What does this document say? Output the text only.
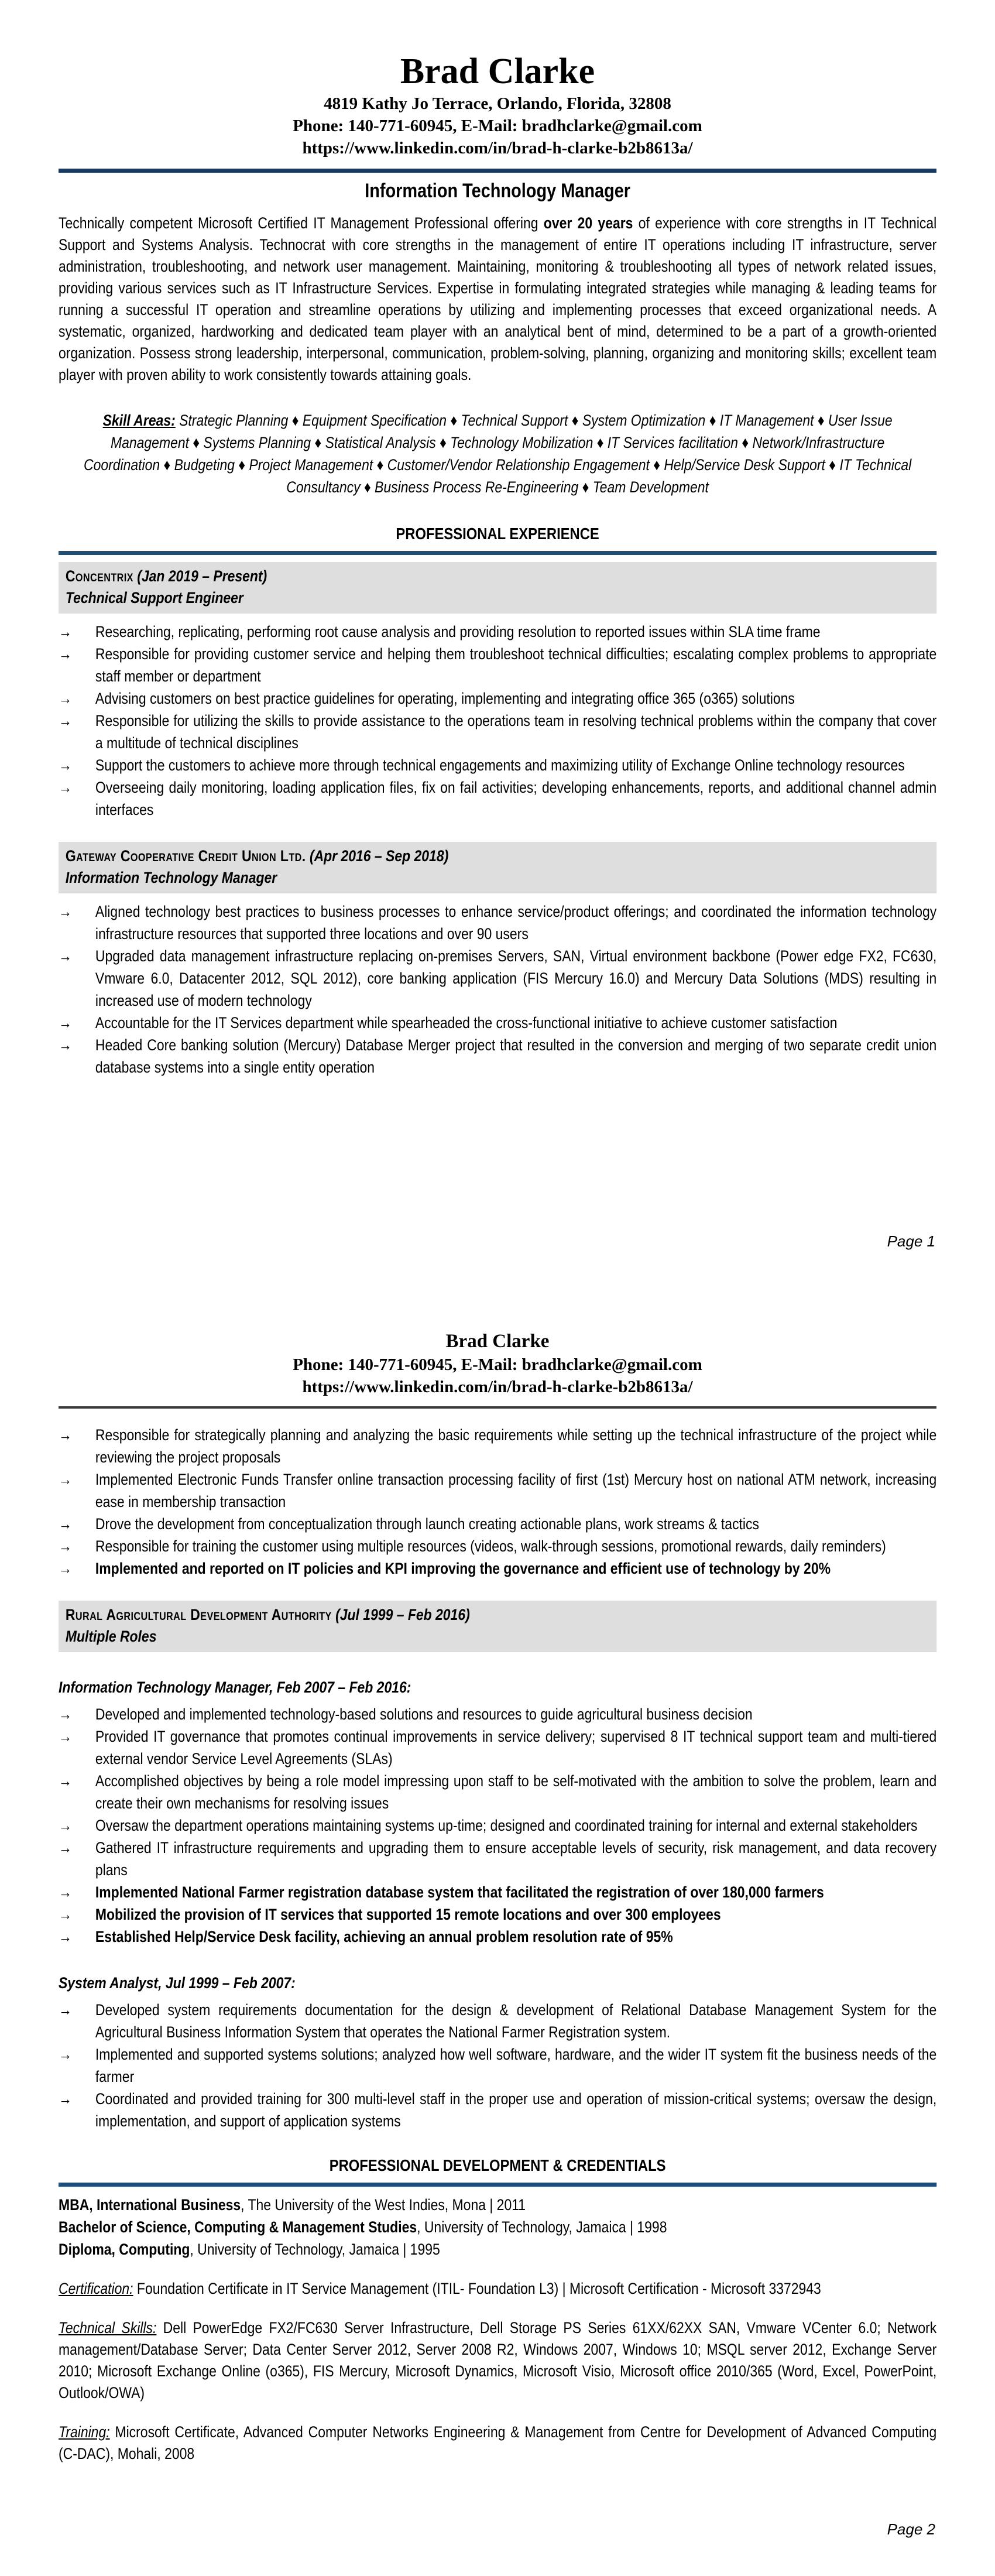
Brad Clarke
4819 Kathy Jo Terrace, Orlando, Florida, 32808
Phone: 140-771-60945, E-Mail: bradhclarke@gmail.com
https://www.linkedin.com/in/brad-h-clarke-b2b8613a/
Information Technology Manager
Technically competent Microsoft Certified IT Management Professional offering over 20 years of experience with core strengths in IT Technical Support and Systems Analysis. Technocrat with core strengths in the management of entire IT operations including IT infrastructure, server administration, troubleshooting, and network user management. Maintaining, monitoring & troubleshooting all types of network related issues, providing various services such as IT Infrastructure Services. Expertise in formulating integrated strategies while managing & leading teams for running a successful IT operation and streamline operations by utilizing and implementing processes that exceed organizational needs. A systematic, organized, hardworking and dedicated team player with an analytical bent of mind, determined to be a part of a growth-oriented organization. Possess strong leadership, interpersonal, communication, problem-solving, planning, organizing and monitoring skills; excellent team player with proven ability to work consistently towards attaining goals.
Skill Areas: Strategic Planning ♦ Equipment Specification ♦ Technical Support ♦ System Optimization ♦ IT Management ♦ User Issue Management ♦ Systems Planning ♦ Statistical Analysis ♦ Technology Mobilization ♦ IT Services facilitation ♦ Network/Infrastructure Coordination ♦ Budgeting ♦ Project Management ♦ Customer/Vendor Relationship Engagement ♦ Help/Service Desk Support ♦ IT Technical Consultancy ♦ Business Process Re-Engineering ♦ Team Development
PROFESSIONAL EXPERIENCE
Concentrix (Jan 2019 – Present)
Technical Support Engineer
→	Researching, replicating, performing root cause analysis and providing resolution to reported issues within SLA time frame
→	Responsible for providing customer service and helping them troubleshoot technical difficulties; escalating complex problems to appropriate staff member or department
→	Advising customers on best practice guidelines for operating, implementing and integrating office 365 (o365) solutions
→	Responsible for utilizing the skills to provide assistance to the operations team in resolving technical problems within the company that cover a multitude of technical disciplines
→	Support the customers to achieve more through technical engagements and maximizing utility of Exchange Online technology resources
→	Overseeing daily monitoring, loading application files, fix on fail activities; developing enhancements, reports, and additional channel admin interfaces
Gateway Cooperative Credit Union Ltd. (Apr 2016 – Sep 2018)
Information Technology Manager
→	Aligned technology best practices to business processes to enhance service/product offerings; and coordinated the information technology infrastructure resources that supported three locations and over 90 users
→	Upgraded data management infrastructure replacing on-premises Servers, SAN, Virtual environment backbone (Power edge FX2, FC630, Vmware 6.0, Datacenter 2012, SQL 2012), core banking application (FIS Mercury 16.0) and Mercury Data Solutions (MDS) resulting in increased use of modern technology
→	Accountable for the IT Services department while spearheaded the cross-functional initiative to achieve customer satisfaction
→	Headed Core banking solution (Mercury) Database Merger project that resulted in the conversion and merging of two separate credit union database systems into a single entity operation
Page 1
Brad Clarke
Phone: 140-771-60945, E-Mail: bradhclarke@gmail.com
https://www.linkedin.com/in/brad-h-clarke-b2b8613a/
→	Responsible for strategically planning and analyzing the basic requirements while setting up the technical infrastructure of the project while reviewing the project proposals
→	Implemented Electronic Funds Transfer online transaction processing facility of first (1st) Mercury host on national ATM network, increasing ease in membership transaction
→	Drove the development from conceptualization through launch creating actionable plans, work streams & tactics
→	Responsible for training the customer using multiple resources (videos, walk-through sessions, promotional rewards, daily reminders)
→	Implemented and reported on IT policies and KPI improving the governance and efficient use of technology by 20%
Rural Agricultural Development Authority (Jul 1999 – Feb 2016)
Multiple Roles
Information Technology Manager, Feb 2007 – Feb 2016:
→	Developed and implemented technology-based solutions and resources to guide agricultural business decision
→	Provided IT governance that promotes continual improvements in service delivery; supervised 8 IT technical support team and multi-tiered external vendor Service Level Agreements (SLAs)
→	Accomplished objectives by being a role model impressing upon staff to be self-motivated with the ambition to solve the problem, learn and create their own mechanisms for resolving issues
→	Oversaw the department operations maintaining systems up-time; designed and coordinated training for internal and external stakeholders
→	Gathered IT infrastructure requirements and upgrading them to ensure acceptable levels of security, risk management, and data recovery plans
→	Implemented National Farmer registration database system that facilitated the registration of over 180,000 farmers
→	Mobilized the provision of IT services that supported 15 remote locations and over 300 employees
→	Established Help/Service Desk facility, achieving an annual problem resolution rate of 95%
System Analyst, Jul 1999 – Feb 2007:
→	Developed system requirements documentation for the design & development of Relational Database Management System for the Agricultural Business Information System that operates the National Farmer Registration system.
→	Implemented and supported systems solutions; analyzed how well software, hardware, and the wider IT system fit the business needs of the farmer
→	Coordinated and provided training for 300 multi-level staff in the proper use and operation of mission-critical systems; oversaw the design, implementation, and support of application systems
PROFESSIONAL DEVELOPMENT & CREDENTIALS
MBA, International Business, The University of the West Indies, Mona | 2011
Bachelor of Science, Computing & Management Studies, University of Technology, Jamaica | 1998
Diploma, Computing, University of Technology, Jamaica | 1995
Certification: Foundation Certificate in IT Service Management (ITIL- Foundation L3) | Microsoft Certification - Microsoft 3372943
Technical Skills: Dell PowerEdge FX2/FC630 Server Infrastructure, Dell Storage PS Series 61XX/62XX SAN, Vmware VCenter 6.0; Network management/Database Server; Data Center Server 2012, Server 2008 R2, Windows 2007, Windows 10; MSQL server 2012, Exchange Server 2010; Microsoft Exchange Online (o365), FIS Mercury, Microsoft Dynamics, Microsoft Visio, Microsoft office 2010/365 (Word, Excel, PowerPoint, Outlook/OWA)
Training: Microsoft Certificate, Advanced Computer Networks Engineering & Management from Centre for Development of Advanced Computing (C-DAC), Mohali, 2008
Page 2
